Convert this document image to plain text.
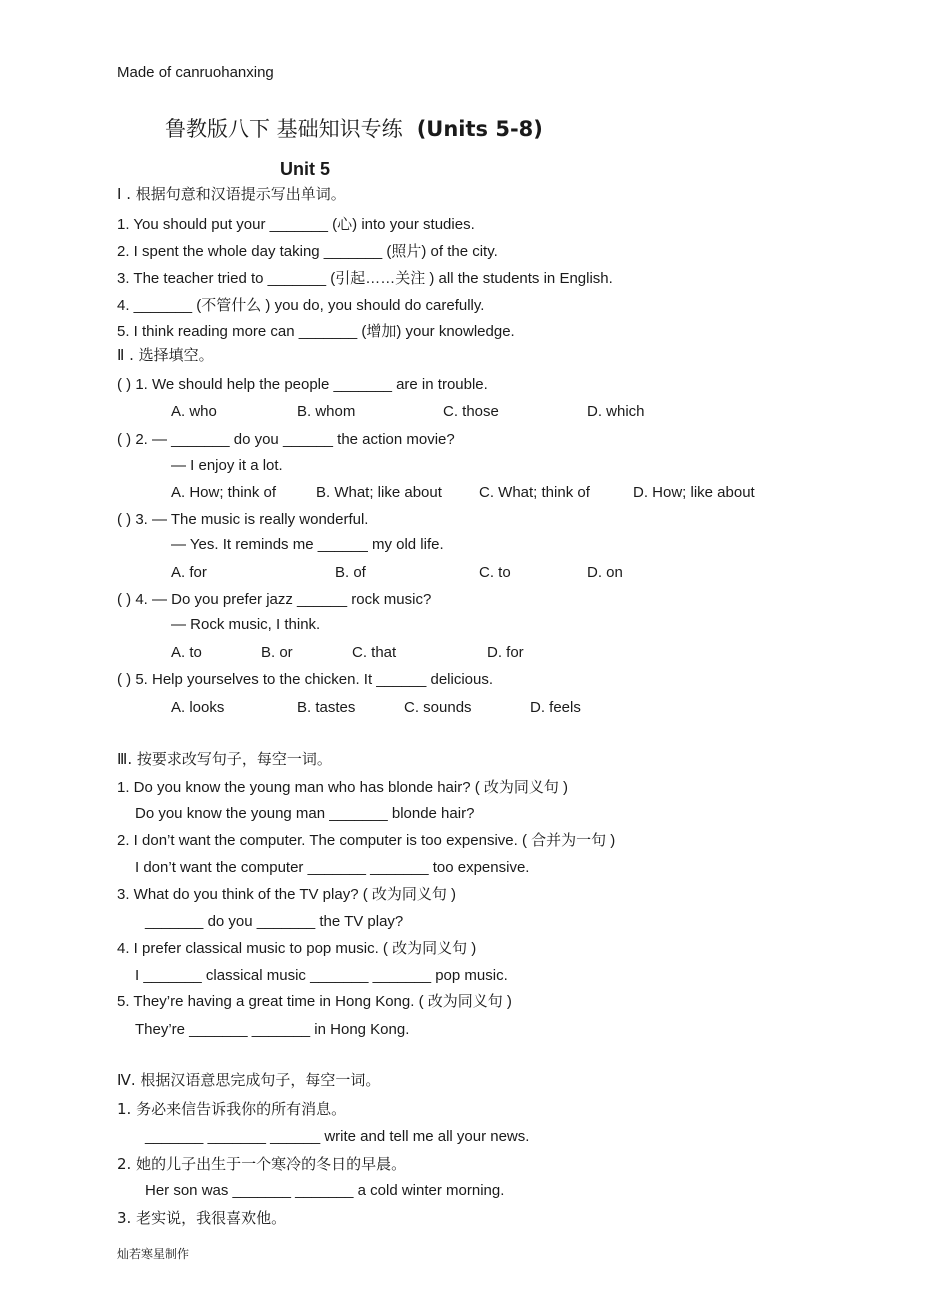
Made of canruohanxing
鲁教版八下 基础知识专练 (Units 5-8)
Unit 5
Ⅰ . 根据句意和汉语提示写出单词。
1. You should put your _______ (心) into your studies.
2. I spent the whole day taking _______ (照片) of the city.
3. The teacher tried to _______ (引起……关注 ) all the students in English.
4. _______ (不管什么 ) you do, you should do carefully.
5. I think reading more can _______ (增加) your knowledge.
Ⅱ . 选择填空。
( ) 1. We should help the people _______ are in trouble.
A. who	B. whom	C. those	D. which
( ) 2. — _______ do you ______ the action movie?
— I enjoy it a lot.
A. How; think of	B. What; like about C. What; think of	D. How; like about
( ) 3. — The music is really wonderful.
— Yes. It reminds me ______ my old life.
A. for	B. of	C. to	D. on
( ) 4. — Do you prefer jazz ______ rock music?
— Rock music, I think.
A. to	B. or	C. that	D. for
( ) 5. Help yourselves to the chicken. It ______ delicious.
A. looks	B. tastes	C. sounds	D. feels
Ⅲ. 按要求改写句子，每空一词。
1. Do you know the young man who has blonde hair? ( 改为同义句 )
Do you know the young man _______ blonde hair?
2. I don’t want the computer. The computer is too expensive. ( 合并为一句 )
I don’t want the computer _______ _______ too expensive.
3. What do you think of the TV play? ( 改为同义句 )
_______ do you _______ the TV play?
4. I prefer classical music to pop music. ( 改为同义句 )
I _______ classical music _______ _______ pop music.
5. They’re having a great time in Hong Kong. ( 改为同义句 )
They’re _______ _______ in Hong Kong.
Ⅳ. 根据汉语意思完成句子，每空一词。
1. 务必来信告诉我你的所有消息。
_______ _______ ______ write and tell me all your news.
2. 她的儿子出生于一个寒冷的冬日的早晨。
Her son was _______ _______ a cold winter morning.
3. 老实说，我很喜欢他。
灿若寒星制作
